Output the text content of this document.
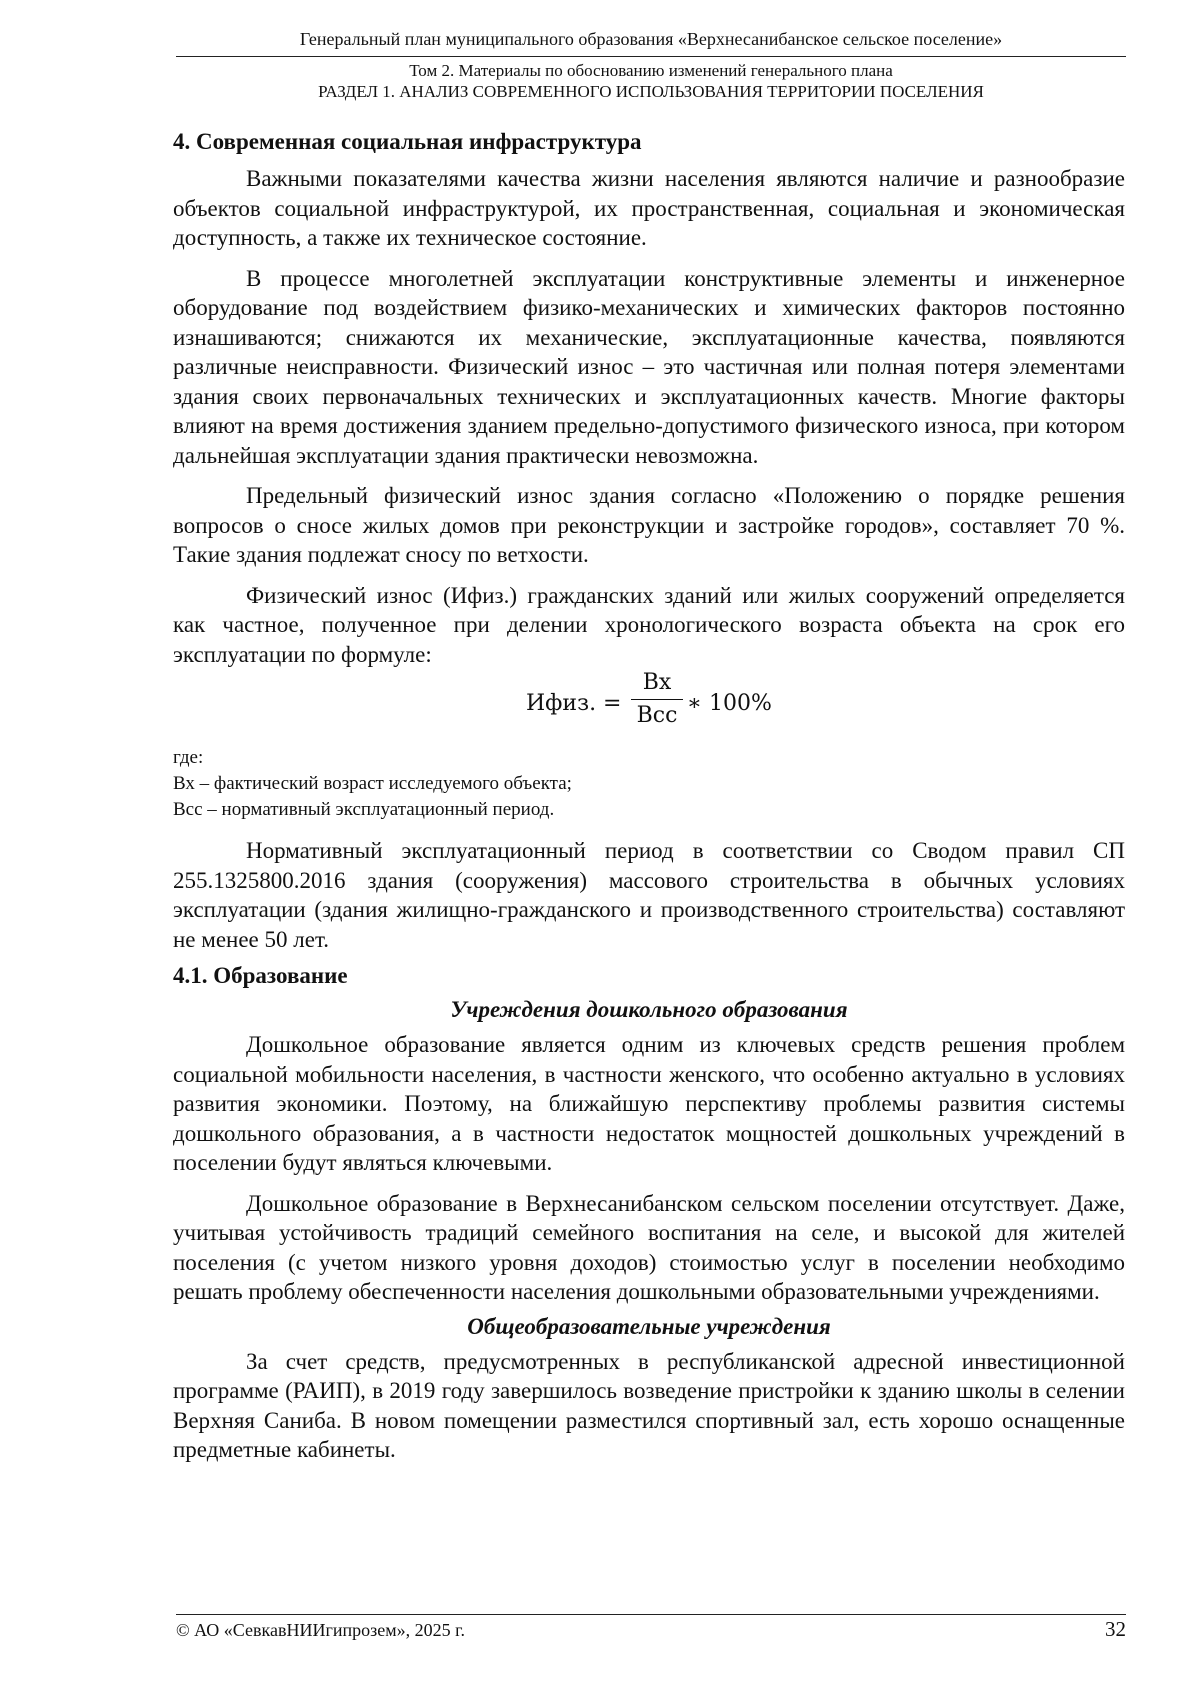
Генеральный план муниципального образования «Верхнесанибанское сельское поселение»
Том 2. Материалы по обоснованию изменений генерального плана
РАЗДЕЛ 1. АНАЛИЗ СОВРЕМЕННОГО ИСПОЛЬЗОВАНИЯ ТЕРРИТОРИИ ПОСЕЛЕНИЯ
4. Современная социальная инфраструктура

Важными показателями качества жизни населения являются наличие и разнообразие объектов социальной инфраструктурой, их пространственная, социальная и экономическая доступность, а также их техническое состояние.

В процессе многолетней эксплуатации конструктивные элементы и инженерное оборудование под воздействием физико-механических и химических факторов постоянно изнашиваются; снижаются их механические, эксплуатационные качества, появляются различные неисправности. Физический износ – это частичная или полная потеря элементами здания своих первоначальных технических и эксплуатационных качеств. Многие факторы влияют на время достижения зданием предельно-допустимого физического износа, при котором дальнейшая эксплуатации здания практически невозможна.

Предельный физический износ здания согласно «Положению о порядке решения вопросов о сносе жилых домов при реконструкции и застройке городов», составляет 70 %. Такие здания подлежат сносу по ветхости.

Физический износ (Ифиз.) гражданских зданий или жилых сооружений определяется как частное, полученное при делении хронологического возраста объекта на срок его эксплуатации по формуле:

Ифиз. =
Вх
Всс ∗ 100%

где:

Вх – фактический возраст исследуемого объекта;

Всс – нормативный эксплуатационный период.

Нормативный эксплуатационный период в соответствии со Сводом правил СП 255.1325800.2016 здания (сооружения) массового строительства в обычных условиях эксплуатации (здания жилищно-гражданского и производственного строительства) составляют не менее 50 лет.

4.1. Образование

Учреждения дошкольного образования

Дошкольное образование является одним из ключевых средств решения проблем социальной мобильности населения, в частности женского, что особенно актуально в условиях развития экономики. Поэтому, на ближайшую перспективу проблемы развития системы дошкольного образования, а в частности недостаток мощностей дошкольных учреждений в поселении будут являться ключевыми.

Дошкольное образование в Верхнесанибанском сельском поселении отсутствует. Даже, учитывая устойчивость традиций семейного воспитания на селе, и высокой для жителей поселения (с учетом низкого уровня доходов) стоимостью услуг в поселении необходимо решать проблему обеспеченности населения дошкольными образовательными учреждениями.

Общеобразовательные учреждения

За счет средств, предусмотренных в республиканской адресной инвестиционной программе (РАИП), в 2019 году завершилось возведение пристройки к зданию школы в селении Верхняя Саниба. В новом помещении разместился спортивный зал, есть хорошо оснащенные предметные кабинеты.

© АО «СевкавНИИгипрозем», 2025 г.	32
